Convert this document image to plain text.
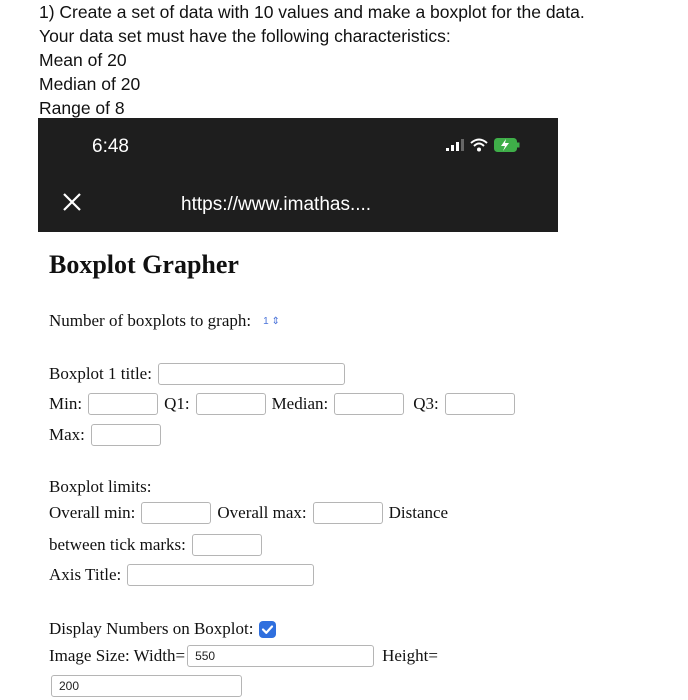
1) Create a set of data with 10 values and make a boxplot for the data.
Your data set must have the following characteristics:
Mean of 20
Median of 20
Range of 8
6:48
https://www.imathas....
Boxplot Grapher
Number of boxplots to graph: 1 ⇕
Boxplot 1 title:
Min:	Q1:	Median:	Q3:
Max:
Boxplot limits:
Overall min:	Overall max:	Distance
between tick marks:
Axis Title:
Display Numbers on Boxplot:
Image Size: Width= 550	Height=
200
